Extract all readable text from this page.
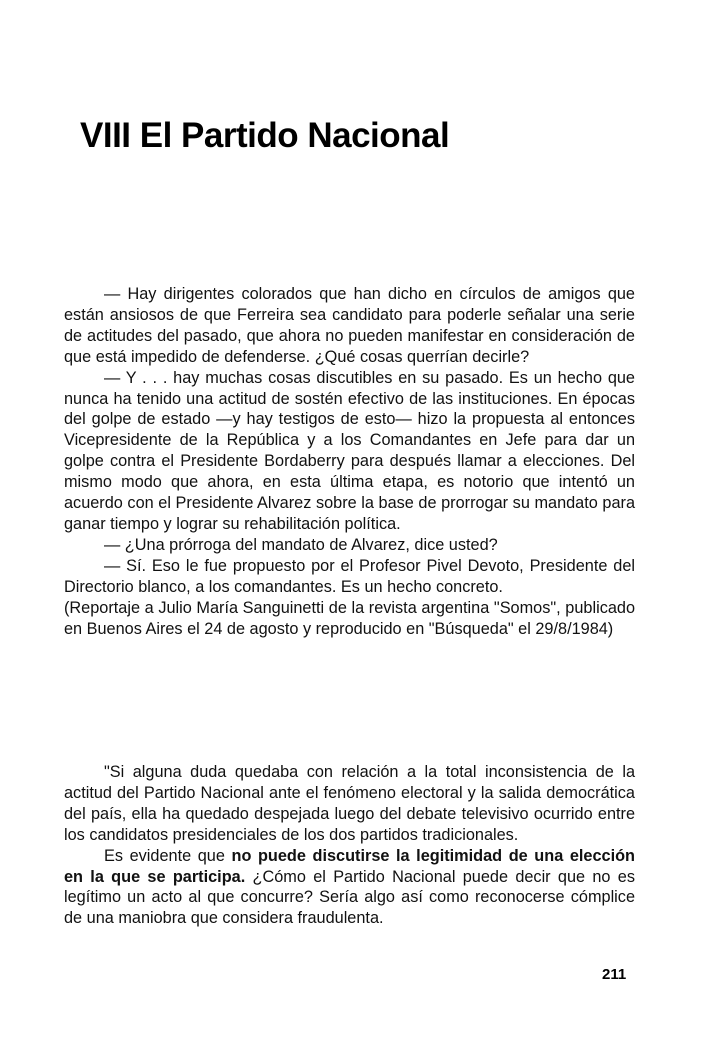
VIII El Partido Nacional

— Hay dirigentes colorados que han dicho en círculos de amigos que están ansiosos de que Ferreira sea candidato para poderle señalar una serie de actitudes del pasado, que ahora no pueden manifestar en consideración de que está impedido de defenderse. ¿Qué cosas querrían decirle?

— Y . . . hay muchas cosas discutibles en su pasado. Es un hecho que nunca ha tenido una actitud de sostén efectivo de las instituciones. En épocas del golpe de estado —y hay testigos de esto— hizo la propuesta al entonces Vicepresidente de la República y a los Comandantes en Jefe para dar un golpe contra el Presidente Bordaberry para después llamar a elecciones. Del mismo modo que ahora, en esta última etapa, es notorio que intentó un acuerdo con el Presidente Alvarez sobre la base de prorrogar su mandato para ganar tiempo y lograr su rehabilitación política.

— ¿Una prórroga del mandato de Alvarez, dice usted?

— Sí. Eso le fue propuesto por el Profesor Pivel Devoto, Presidente del Directorio blanco, a los comandantes. Es un hecho concreto.

(Reportaje a Julio María Sanguinetti de la revista argentina "Somos", publicado en Buenos Aires el 24 de agosto y reproducido en "Búsqueda" el 29/8/1984)

"Si alguna duda quedaba con relación a la total inconsistencia de la actitud del Partido Nacional ante el fenómeno electoral y la salida democrática del país, ella ha quedado despejada luego del debate televisivo ocurrido entre los candidatos presidenciales de los dos partidos tradicionales.

Es evidente que no puede discutirse la legitimidad de una elección en la que se participa. ¿Cómo el Partido Nacional puede decir que no es legítimo un acto al que concurre? Sería algo así como reconocerse cómplice de una maniobra que considera fraudulenta.

211
